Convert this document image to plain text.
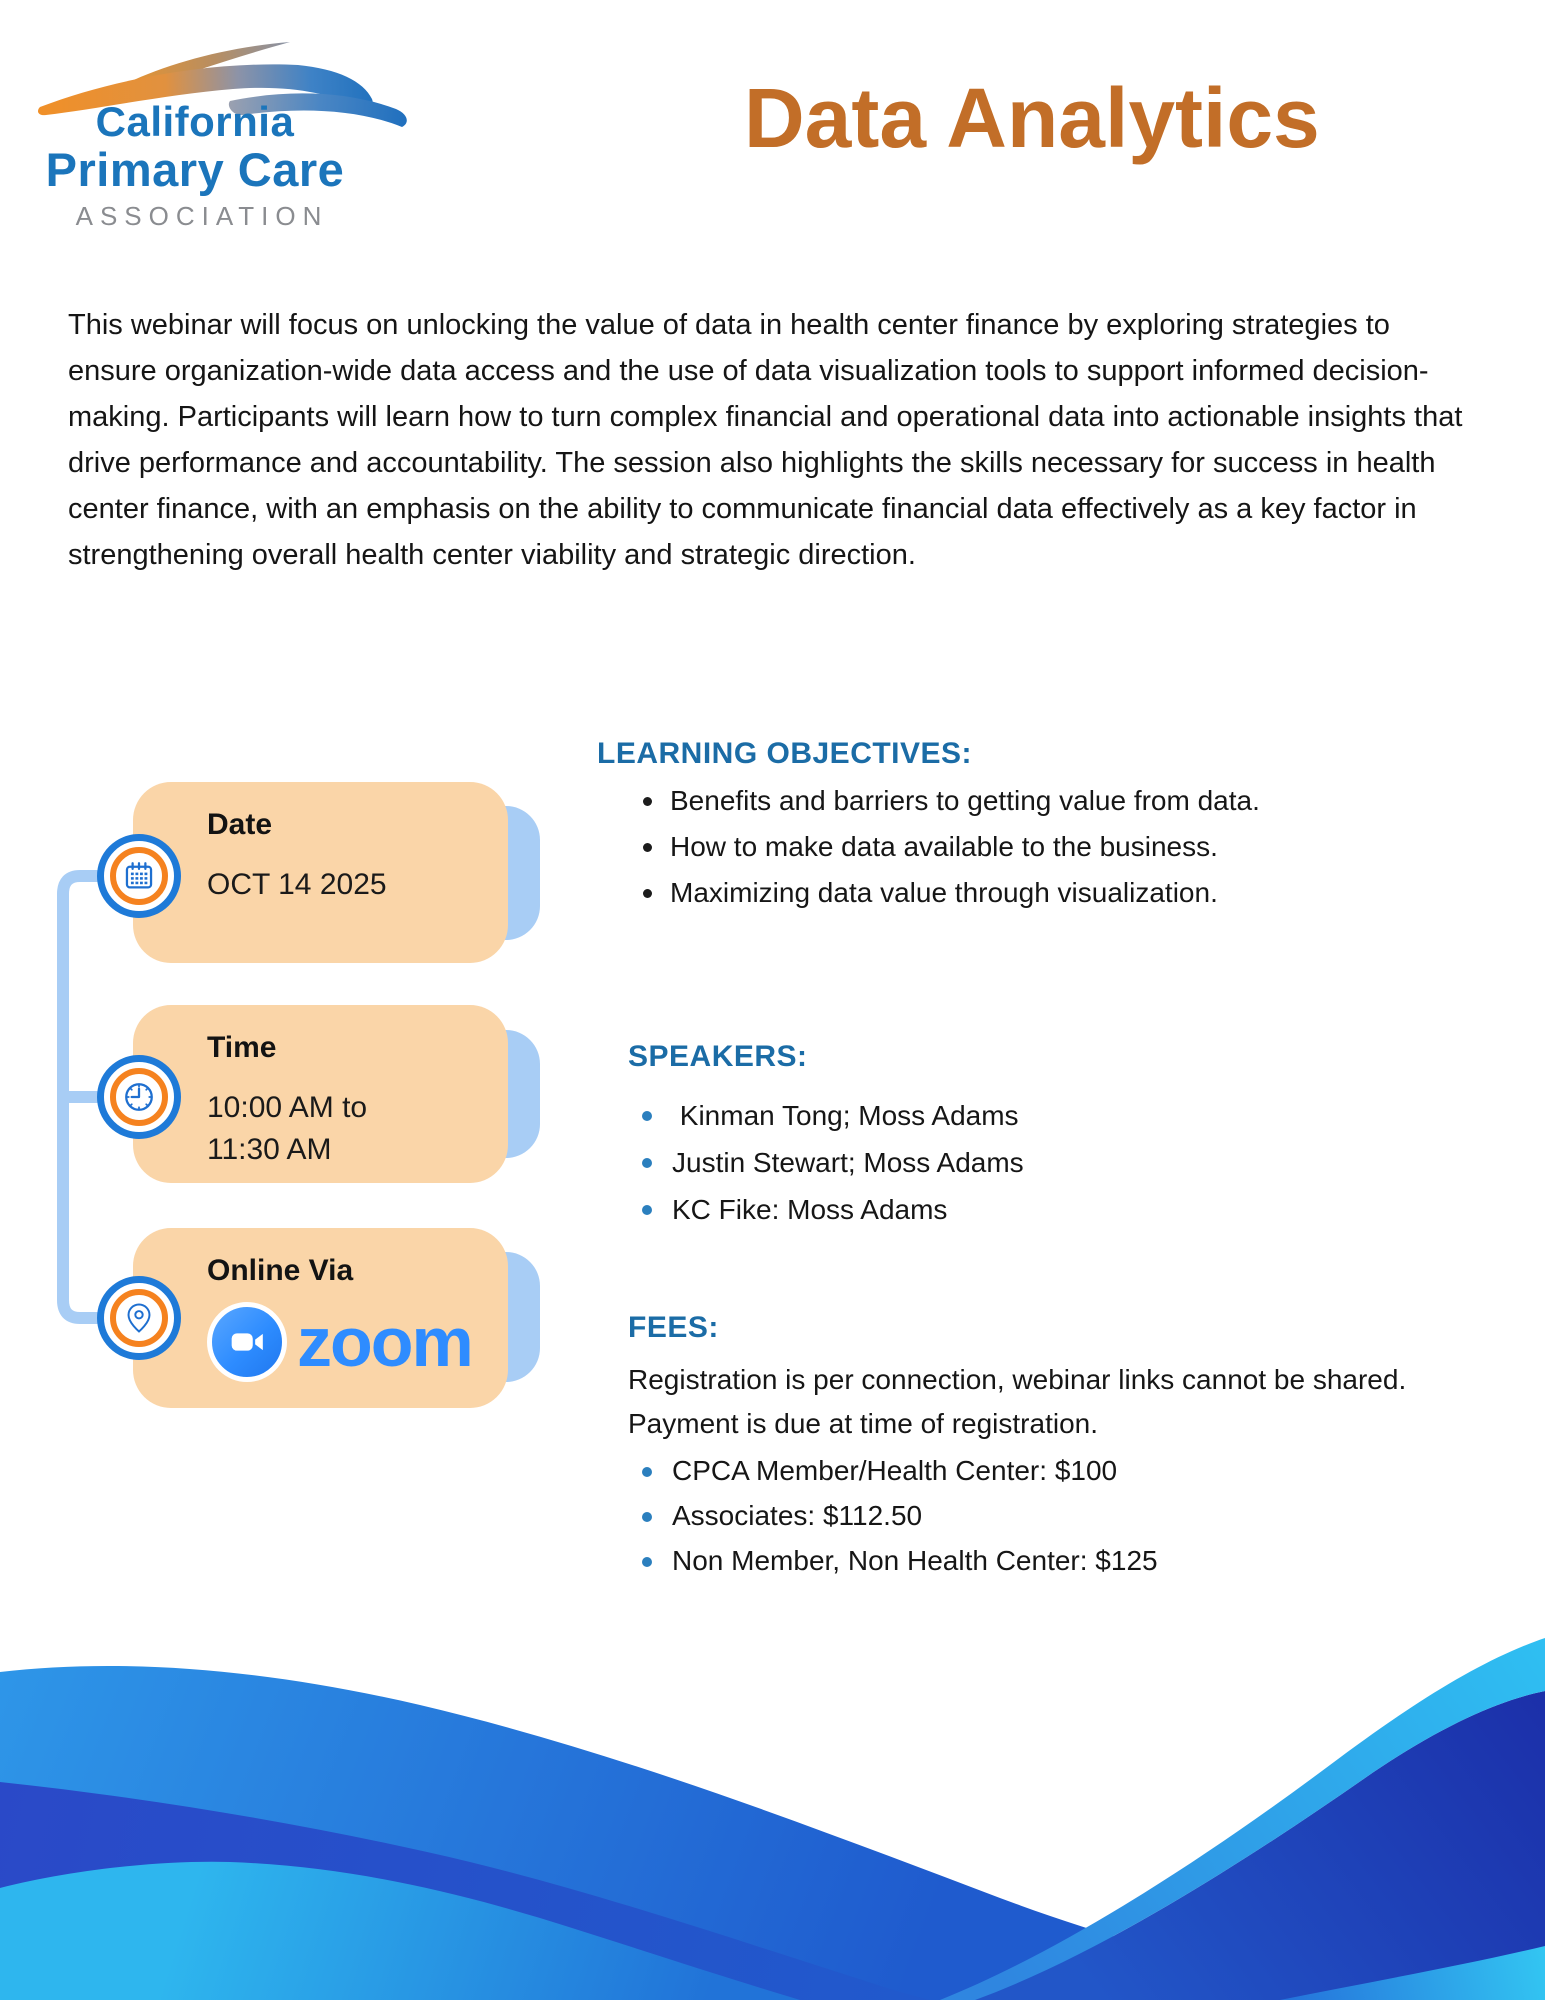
California
Primary Care
ASSOCIATION
Data Analytics
This webinar will focus on unlocking the value of data in health center finance by exploring strategies to ensure organization-wide data access and the use of data visualization tools to support informed decision-making. Participants will learn how to turn complex financial and operational data into actionable insights that drive performance and accountability. The session also highlights the skills necessary for success in health center finance, with an emphasis on the ability to communicate financial data effectively as a key factor in strengthening overall health center viability and strategic direction.
Date
OCT 14 2025
Time
10:00 AM to 11:30 AM
Online Via
zoom
LEARNING OBJECTIVES:
Benefits and barriers to getting value from data.
How to make data available to the business.
Maximizing data value through visualization.
SPEAKERS:
Kinman Tong; Moss Adams
Justin Stewart; Moss Adams
KC Fike: Moss Adams
FEES:
Registration is per connection, webinar links cannot be shared. Payment is due at time of registration.
CPCA Member/Health Center: $100
Associates: $112.50
Non Member, Non Health Center: $125
